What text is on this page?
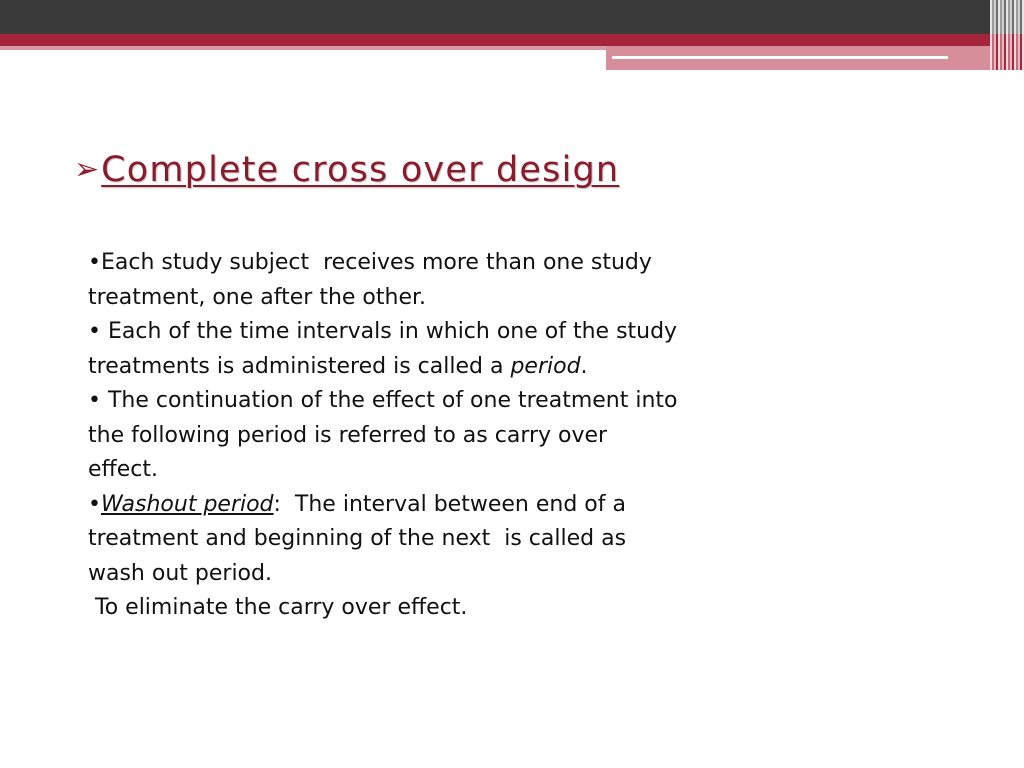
➢ Complete cross over design

•Each study subject  receives more than one study
treatment, one after the other.

• Each of the time intervals in which one of the study
treatments is administered is called a period.

• The continuation of the effect of one treatment into
the following period is referred to as carry over
effect.

•Washout period:  The interval between end of a
treatment and beginning of the next  is called as
wash out period.
To eliminate the carry over effect.
